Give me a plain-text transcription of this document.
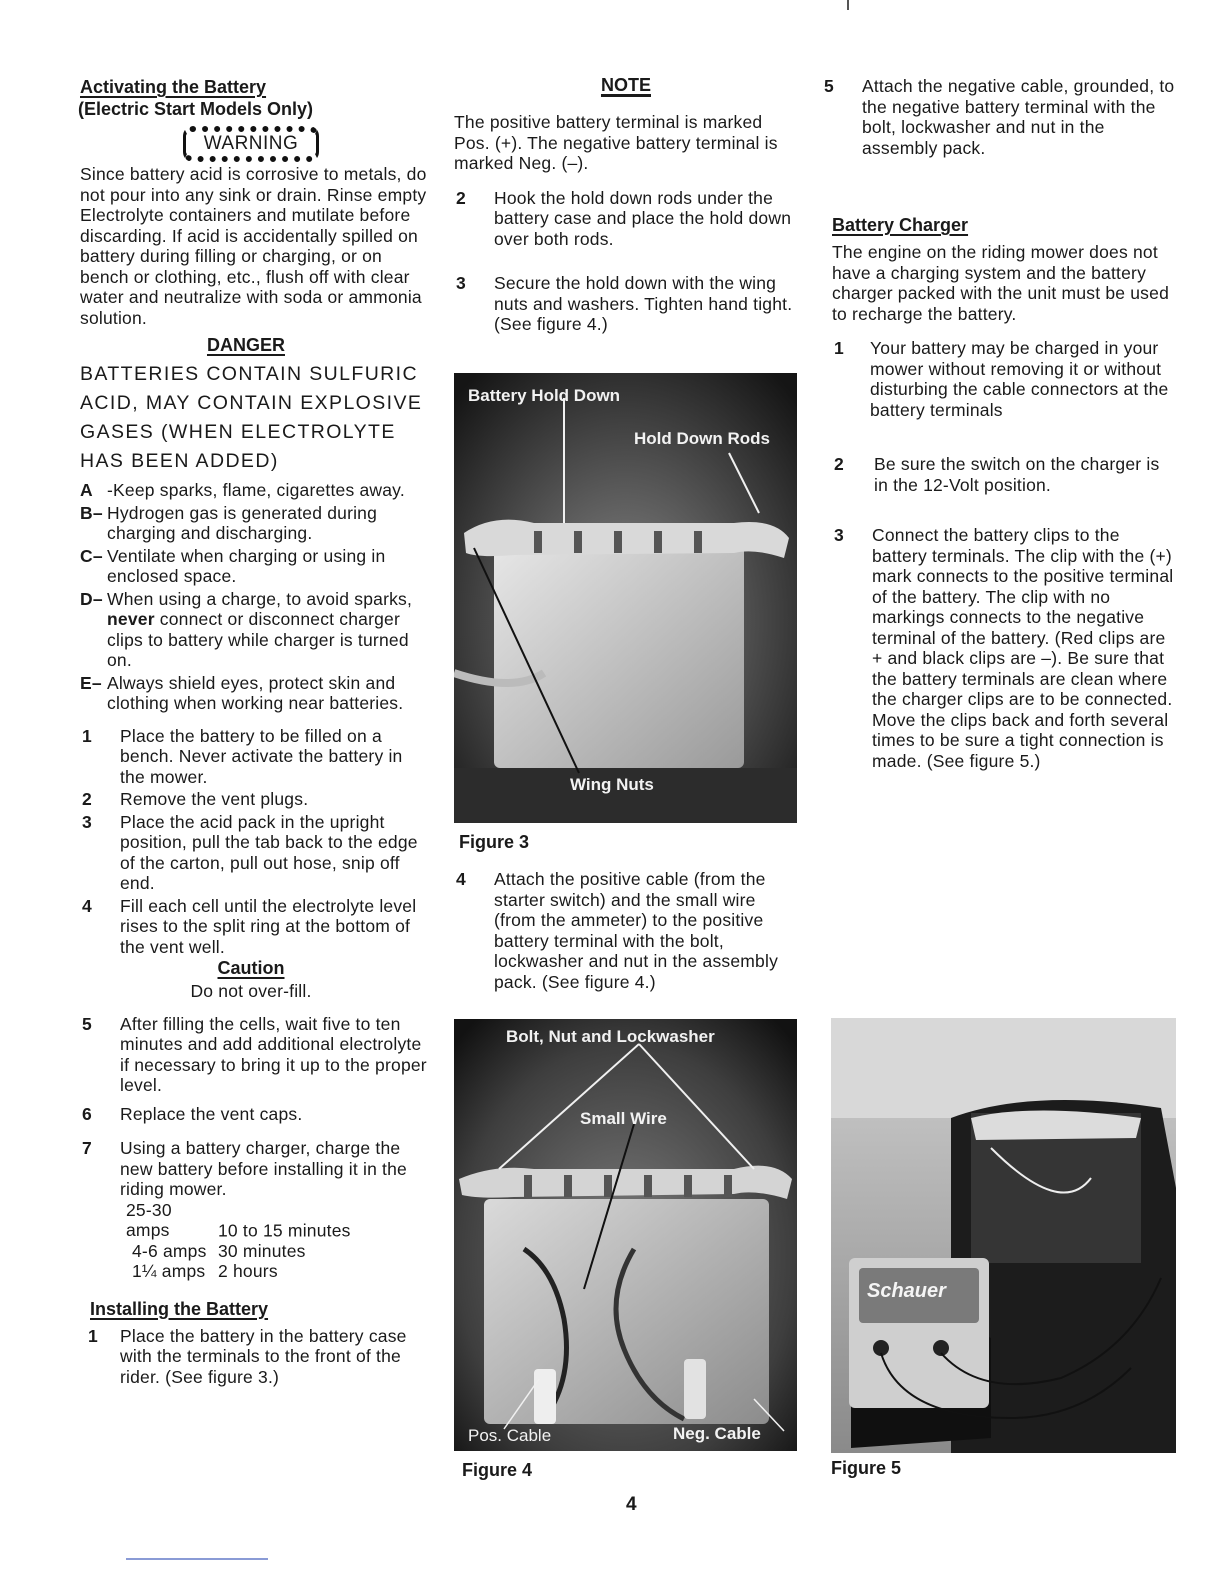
Activating the Battery
(Electric Start Models Only)
WARNING
Since battery acid is corrosive to metals, do not pour into any sink or drain. Rinse empty Electrolyte containers and mutilate before discarding. If acid is accidentally spilled on battery during filling or charging, or on bench or clothing, etc., flush off with clear water and neutralize with soda or ammonia solution.
DANGER
BATTERIES CONTAIN SULFURIC ACID, MAY CONTAIN EXPLOSIVE GASES (WHEN ELECTROLYTE HAS BEEN ADDED)
A -Keep sparks, flame, cigarettes away.
B– Hydrogen gas is generated during charging and discharging.
C– Ventilate when charging or using in enclosed space.
D– When using a charge, to avoid sparks, never connect or disconnect charger clips to battery while charger is turned on.
E– Always shield eyes, protect skin and clothing when working near batteries.
1 Place the battery to be filled on a bench. Never activate the battery in the mower.
2 Remove the vent plugs.
3 Place the acid pack in the upright position, pull the tab back to the edge of the carton, pull out hose, snip off end.
4 Fill each cell until the electrolyte level rises to the split ring at the bottom of the vent well.
Caution
Do not over-fill.
5 After filling the cells, wait five to ten minutes and add additional electrolyte if necessary to bring it up to the proper level.
6 Replace the vent caps.
7 Using a battery charger, charge the new battery before installing it in the riding mower.
25-30 amps	10 to 15 minutes
4-6 amps 30 minutes
1¼ amps 2 hours
Installing the Battery
1 Place the battery in the battery case with the terminals to the front of the rider. (See figure 3.)
NOTE
The positive battery terminal is marked Pos. (+). The negative battery terminal is marked Neg. (–).
2 Hook the hold down rods under the battery case and place the hold down over both rods.
3 Secure the hold down with the wing nuts and washers. Tighten hand tight. (See figure 4.)
Battery Hold Down
Hold Down Rods
Wing Nuts
Figure 3
4 Attach the positive cable (from the starter switch) and the small wire (from the ammeter) to the positive battery terminal with the bolt, lockwasher and nut in the assembly pack. (See figure 4.)
Bolt, Nut and Lockwasher
Small Wire
Pos. Cable	Neg. Cable
Figure 4
5 Attach the negative cable, grounded, to the negative battery terminal with the bolt, lockwasher and nut in the assembly pack.
Battery Charger
The engine on the riding mower does not have a charging system and the battery charger packed with the unit must be used to recharge the battery.
1 Your battery may be charged in your mower without removing it or without disturbing the cable connectors at the battery terminals
2 Be sure the switch on the charger is in the 12-Volt position.
3 Connect the battery clips to the battery terminals. The clip with the (+) mark connects to the positive terminal of the battery. The clip with no markings connects to the negative terminal of the battery. (Red clips are + and black clips are –). Be sure that the battery terminals are clean where the charger clips are to be connected. Move the clips back and forth several times to be sure a tight connection is made. (See figure 5.)
Schauer
Figure 5
4
